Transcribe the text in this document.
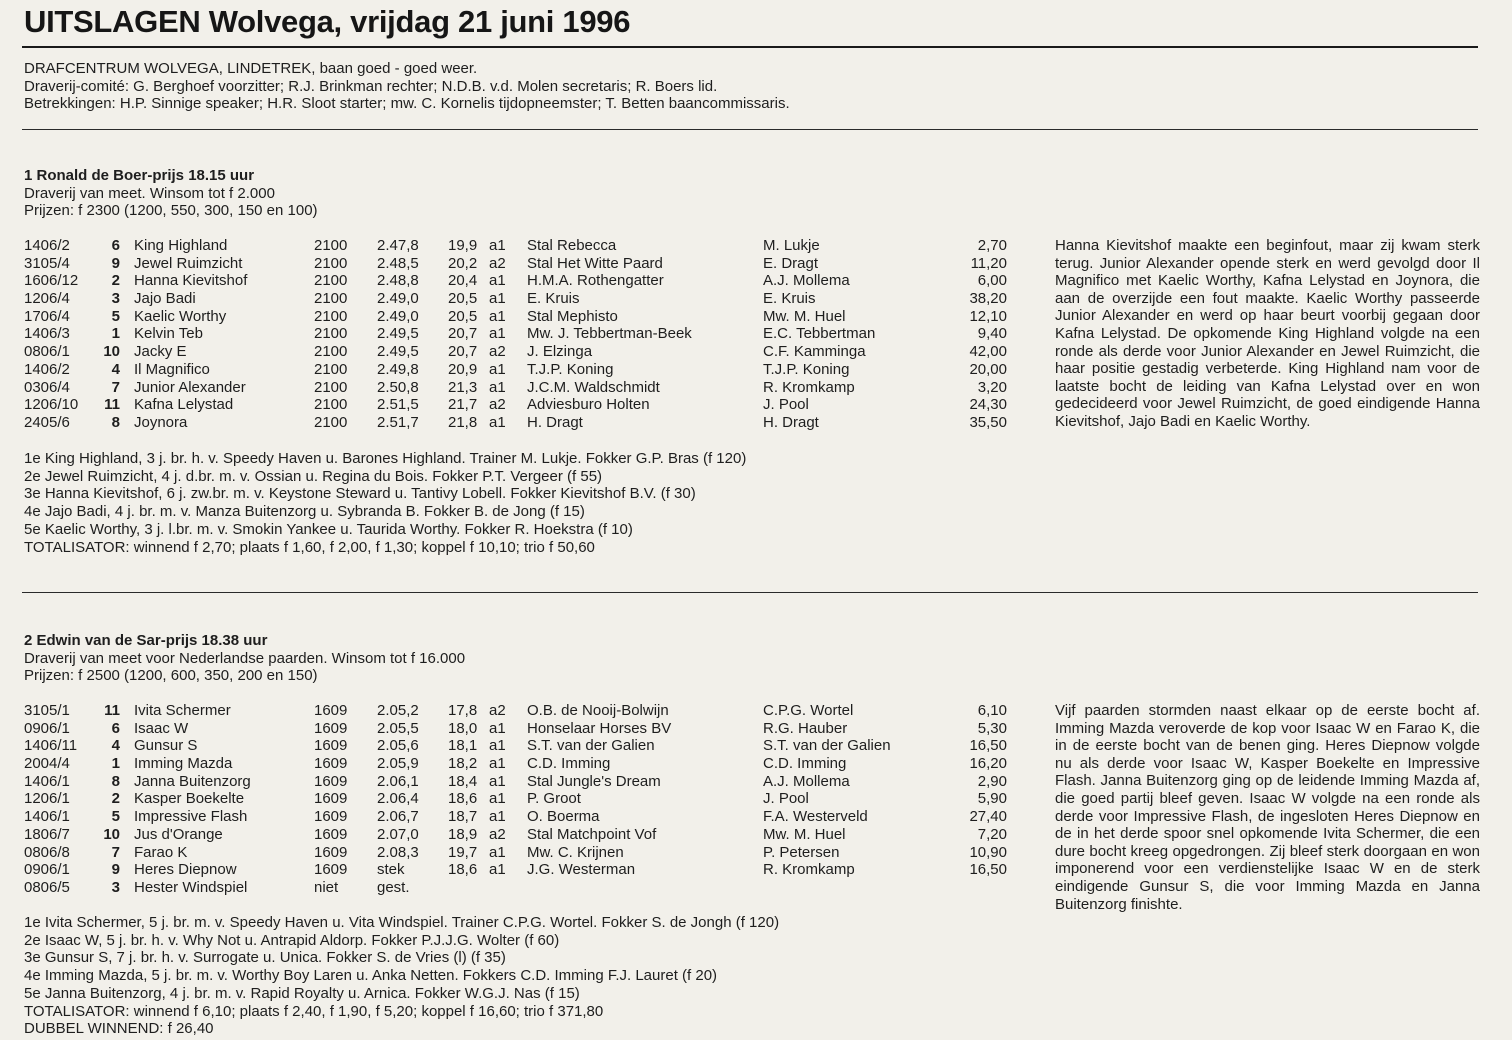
UITSLAGEN Wolvega, vrijdag 21 juni 1996
DRAFCENTRUM WOLVEGA, LINDETREK, baan goed - goed weer.
Draverij-comité: G. Berghoef voorzitter; R.J. Brinkman rechter; N.D.B. v.d. Molen secretaris; R. Boers lid.
Betrekkingen: H.P. Sinnige speaker; H.R. Sloot starter; mw. C. Kornelis tijdopneemster; T. Betten baancommissaris.
1 Ronald de Boer-prijs 18.15 uur
Draverij van meet. Winsom tot f 2.000
Prijzen: f 2300 (1200, 550, 300, 150 en 100)
1406/2	6 King Highland	2100 2.47,8 19,9 a1 Stal Rebecca	M. Lukje	2,70
3105/4	9 Jewel Ruimzicht	2100 2.48,5 20,2 a2 Stal Het Witte Paard	E. Dragt	11,20
1606/12	2 Hanna Kievitshof	2100 2.48,8 20,4 a1 H.M.A. Rothengatter	A.J. Mollema	6,00
1206/4	3 Jajo Badi	2100 2.49,0 20,5 a1 E. Kruis	E. Kruis	38,20
1706/4	5 Kaelic Worthy	2100 2.49,0 20,5 a1 Stal Mephisto	Mw. M. Huel	12,10
1406/3	1 Kelvin Teb	2100 2.49,5 20,7 a1 Mw. J. Tebbertman-Beek	E.C. Tebbertman	9,40
0806/1 10 Jacky E	2100 2.49,5 20,7 a2 J. Elzinga	C.F. Kamminga	42,00
1406/2	4 Il Magnifico	2100 2.49,8 20,9 a1 T.J.P. Koning	T.J.P. Koning	20,00
0306/4	7 Junior Alexander	2100 2.50,8 21,3 a1 J.C.M. Waldschmidt	R. Kromkamp	3,20
1206/10 11 Kafna Lelystad	2100 2.51,5 21,7 a2 Adviesburo Holten	J. Pool	24,30
2405/6	8 Joynora	2100 2.51,7 21,8 a1 H. Dragt	H. Dragt	35,50

Hanna Kievitshof maakte een beginfout, maar zij kwam sterk terug. Junior Alexander opende sterk en werd gevolgd door Il Magnifico met Kaelic Worthy, Kafna Lelystad en Joynora, die aan de overzijde een fout maakte. Kaelic Worthy passeerde Junior Alexander en werd op haar beurt voorbij gegaan door Kafna Lelystad. De opkomende King Highland volgde na een ronde als derde voor Junior Alexander en Jewel Ruimzicht, die haar positie gestadig verbeterde. King Highland nam voor de laatste bocht de leiding van Kafna Lelystad over en won gedecideerd voor Jewel Ruimzicht, de goed eindigende Hanna Kievitshof, Jajo Badi en Kaelic Worthy.

1e King Highland, 3 j. br. h. v. Speedy Haven u. Barones Highland. Trainer M. Lukje. Fokker G.P. Bras (f 120)
2e Jewel Ruimzicht, 4 j. d.br. m. v. Ossian u. Regina du Bois. Fokker P.T. Vergeer (f 55)
3e Hanna Kievitshof, 6 j. zw.br. m. v. Keystone Steward u. Tantivy Lobell. Fokker Kievitshof B.V. (f 30)
4e Jajo Badi, 4 j. br. m. v. Manza Buitenzorg u. Sybranda B. Fokker B. de Jong (f 15)
5e Kaelic Worthy, 3 j. l.br. m. v. Smokin Yankee u. Taurida Worthy. Fokker R. Hoekstra (f 10)
TOTALISATOR: winnend f 2,70; plaats f 1,60, f 2,00, f 1,30; koppel f 10,10; trio f 50,60
2 Edwin van de Sar-prijs 18.38 uur
Draverij van meet voor Nederlandse paarden. Winsom tot f 16.000
Prijzen: f 2500 (1200, 600, 350, 200 en 150)
3105/1 11 Ivita Schermer	1609 2.05,2 17,8 a2 O.B. de Nooij-Bolwijn	C.P.G. Wortel	6,10
0906/1	6 Isaac W	1609 2.05,5 18,0 a1 Honselaar Horses BV	R.G. Hauber	5,30
1406/11	4 Gunsur S	1609 2.05,6 18,1 a1 S.T. van der Galien	S.T. van der Galien	16,50
2004/4	1 Imming Mazda	1609 2.05,9 18,2 a1 C.D. Imming	C.D. Imming	16,20
1406/1	8 Janna Buitenzorg	1609 2.06,1 18,4 a1 Stal Jungle's Dream	A.J. Mollema	2,90
1206/1	2 Kasper Boekelte	1609 2.06,4 18,6 a1 P. Groot	J. Pool	5,90
1406/1	5 Impressive Flash	1609 2.06,7 18,7 a1 O. Boerma	F.A. Westerveld	27,40
1806/7 10 Jus d'Orange	1609 2.07,0 18,9 a2 Stal Matchpoint Vof	Mw. M. Huel	7,20
0806/8	7 Farao K	1609 2.08,3 19,7 a1 Mw. C. Krijnen	P. Petersen	10,90
0906/1	9 Heres Diepnow	1609 stek	18,6 a1 J.G. Westerman	R. Kromkamp	16,50
0806/5	3 Hester Windspiel	niet	gest.

Vijf paarden stormden naast elkaar op de eerste bocht af. Imming Mazda veroverde de kop voor Isaac W en Farao K, die in de eerste bocht van de benen ging. Heres Diepnow volgde nu als derde voor Isaac W, Kasper Boekelte en Impressive Flash. Janna Buitenzorg ging op de leidende Imming Mazda af, die goed partij bleef geven. Isaac W volgde na een ronde als derde voor Impressive Flash, de ingesloten Heres Diepnow en de in het derde spoor snel opkomende Ivita Schermer, die een dure bocht kreeg opgedrongen. Zij bleef sterk doorgaan en won imponerend voor een verdienstelijke Isaac W en de sterk eindigende Gunsur S, die voor Imming Mazda en Janna Buitenzorg finishte.

1e Ivita Schermer, 5 j. br. m. v. Speedy Haven u. Vita Windspiel. Trainer C.P.G. Wortel. Fokker S. de Jongh (f 120)
2e Isaac W, 5 j. br. h. v. Why Not u. Antrapid Aldorp. Fokker P.J.J.G. Wolter (f 60)
3e Gunsur S, 7 j. br. h. v. Surrogate u. Unica. Fokker S. de Vries (l) (f 35)
4e Imming Mazda, 5 j. br. m. v. Worthy Boy Laren u. Anka Netten. Fokkers C.D. Imming F.J. Lauret (f 20)
5e Janna Buitenzorg, 4 j. br. m. v. Rapid Royalty u. Arnica. Fokker W.G.J. Nas (f 15)
TOTALISATOR: winnend f 6,10; plaats f 2,40, f 1,90, f 5,20; koppel f 16,60; trio f 371,80
DUBBEL WINNEND: f 26,40
